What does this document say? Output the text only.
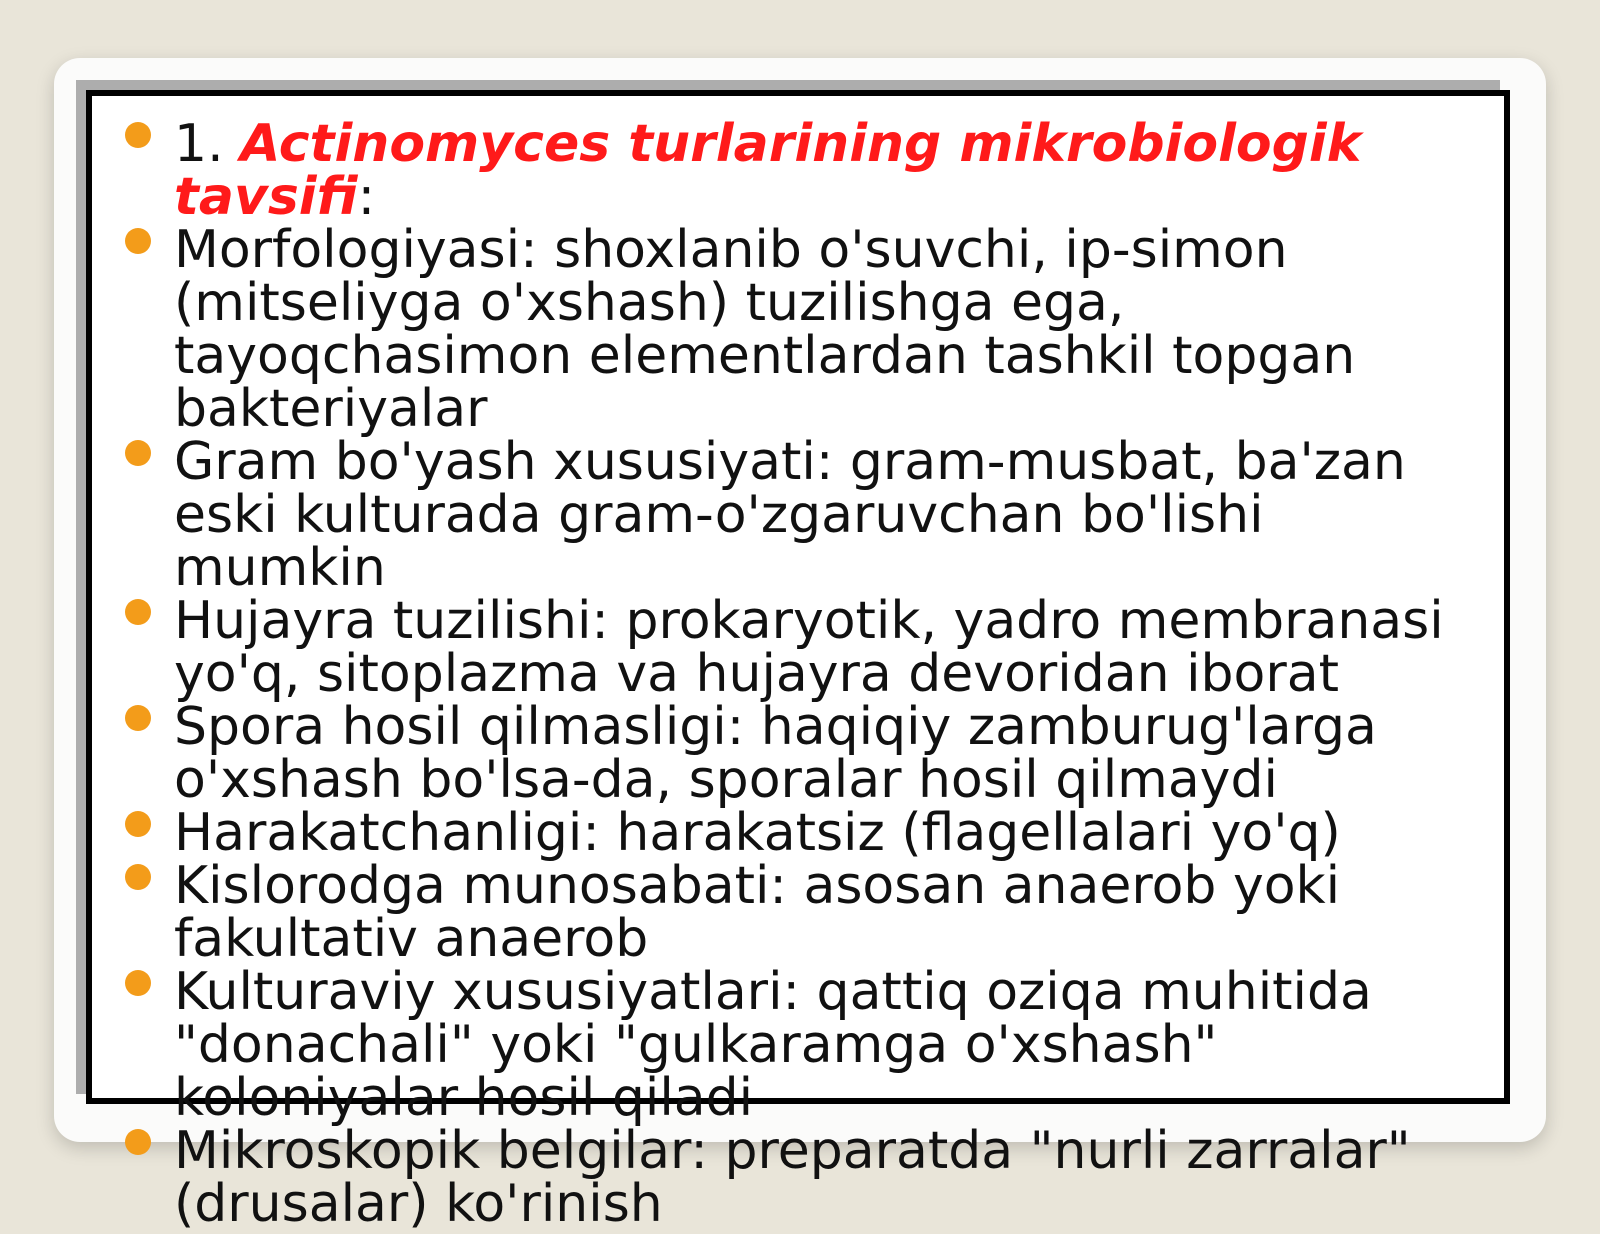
1. Actinomyces turlarining mikrobiologik tavsifi:
Morfologiyasi: shoxlanib o'suvchi, ip-simon (mitseliyga o'xshash) tuzilishga ega, tayoqchasimon elementlardan tashkil topgan bakteriyalar
Gram bo'yash xususiyati: gram-musbat, ba'zan eski kulturada gram-o'zgaruvchan bo'lishi mumkin
Hujayra tuzilishi: prokaryotik, yadro membranasi yo'q, sitoplazma va hujayra devoridan iborat
Spora hosil qilmasligi: haqiqiy zamburug'larga o'xshash bo'lsa-da, sporalar hosil qilmaydi
Harakatchanligi: harakatsiz (flagellalari yo'q)
Kislorodga munosabati: asosan anaerob yoki fakultativ anaerob
Kulturaviy xususiyatlari: qattiq oziqa muhitida "donachali" yoki "gulkaramga o'xshash" koloniyalar hosil qiladi
Mikroskopik belgilar: preparatda "nurli zarralar" (drusalar) ko'rinish
